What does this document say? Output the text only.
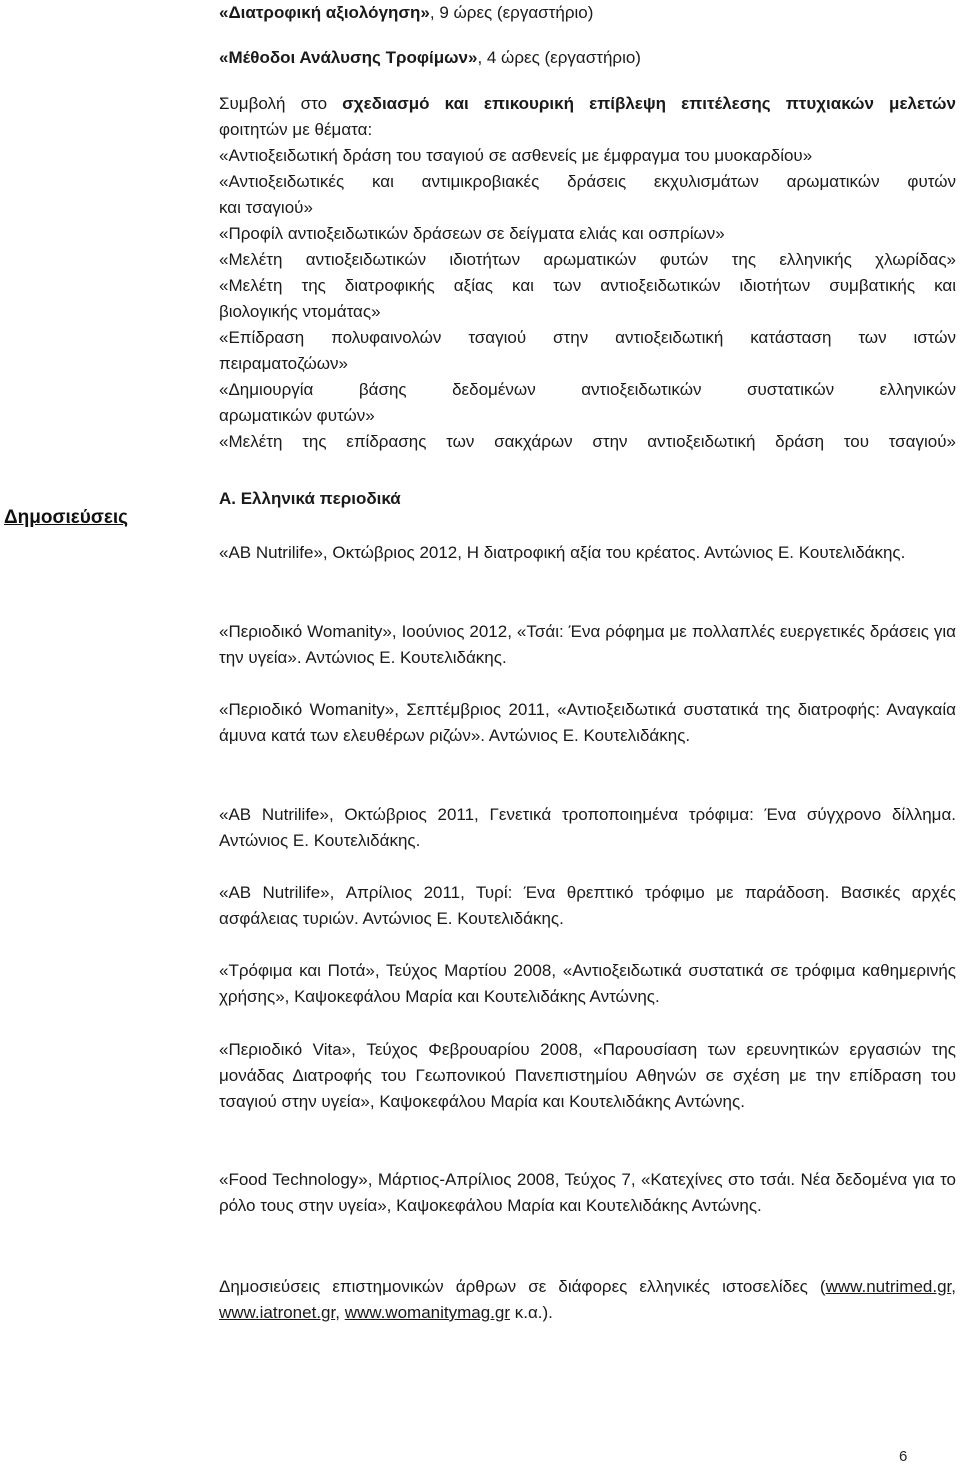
«Διατροφική αξιολόγηση», 9 ώρες (εργαστήριο)
«Μέθοδοι Ανάλυσης Τροφίμων», 4 ώρες (εργαστήριο)
Συμβολή στο σχεδιασμό και επικουρική επίβλεψη επιτέλεσης πτυχιακών μελετών
φοιτητών με θέματα:
«Αντιοξειδωτική δράση του τσαγιού σε ασθενείς με έμφραγμα του μυοκαρδίου»
«Αντιοξειδωτικές και αντιμικροβιακές δράσεις εκχυλισμάτων αρωματικών φυτών
και τσαγιού»
«Προφίλ αντιοξειδωτικών δράσεων σε δείγματα ελιάς και οσπρίων»
«Μελέτη αντιοξειδωτικών ιδιοτήτων αρωματικών φυτών της ελληνικής χλωρίδας»
«Μελέτη της διατροφικής αξίας και των αντιοξειδωτικών ιδιοτήτων συμβατικής και
βιολογικής ντομάτας»
«Επίδραση πολυφαινολών τσαγιού στην αντιοξειδωτική κατάσταση των ιστών
πειραματοζώων»
«Δημιουργία βάσης δεδομένων αντιοξειδωτικών συστατικών ελληνικών
αρωματικών φυτών»
«Μελέτη της επίδρασης των σακχάρων στην αντιοξειδωτική δράση του τσαγιού»
Δημοσιεύσεις
Α. Ελληνικά περιοδικά
«AB Nutrilife», Οκτώβριος 2012, Η διατροφική αξία του κρέατος. Αντώνιος Ε. Κουτελιδάκης.
«Περιοδικό Womanity», Ιοούνιος 2012, «Τσάι: Ένα ρόφημα με πολλαπλές ευεργετικές δράσεις για την υγεία». Αντώνιος Ε. Κουτελιδάκης.
«Περιοδικό Womanity», Σεπτέμβριος 2011, «Αντιοξειδωτικά συστατικά της διατροφής: Αναγκαία άμυνα κατά των ελευθέρων ριζών». Αντώνιος Ε. Κουτελιδάκης.
«AB Nutrilife», Οκτώβριος 2011, Γενετικά τροποποιημένα τρόφιμα: Ένα σύγχρονο δίλλημα. Αντώνιος Ε. Κουτελιδάκης.
«AB Nutrilife», Απρίλιος 2011, Τυρί: Ένα θρεπτικό τρόφιμο με παράδοση. Βασικές αρχές ασφάλειας τυριών. Αντώνιος Ε. Κουτελιδάκης.
«Τρόφιμα και Ποτά», Τεύχος Μαρτίου 2008, «Αντιοξειδωτικά συστατικά σε τρόφιμα καθημερινής χρήσης», Καψοκεφάλου Μαρία και Κουτελιδάκης Αντώνης.
«Περιοδικό Vita», Τεύχος Φεβρουαρίου 2008, «Παρουσίαση των ερευνητικών εργασιών της μονάδας Διατροφής του Γεωπονικού Πανεπιστημίου Αθηνών σε σχέση με την επίδραση του τσαγιού στην υγεία», Καψοκεφάλου Μαρία και Κουτελιδάκης Αντώνης.
«Food Technology», Μάρτιος-Απρίλιος 2008, Τεύχος 7, «Κατεχίνες στο τσάι. Νέα δεδομένα για το ρόλο τους στην υγεία», Καψοκεφάλου Μαρία και Κουτελιδάκης Αντώνης.
Δημοσιεύσεις επιστημονικών άρθρων σε διάφορες ελληνικές ιστοσελίδες (www.nutrimed.gr, www.iatronet.gr, www.womanitymag.gr κ.α.).
6
